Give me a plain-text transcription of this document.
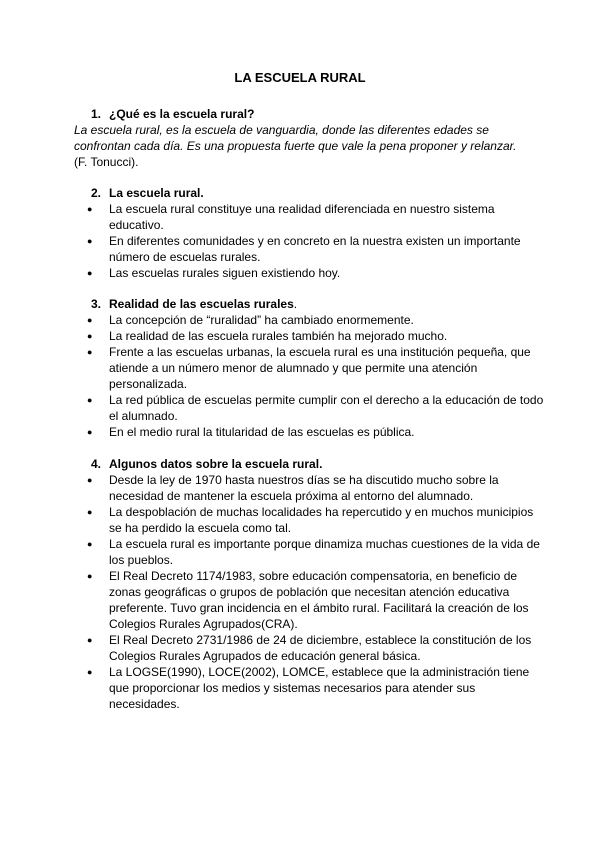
LA ESCUELA RURAL

1. ¿Qué es la escuela rural?

La escuela rural, es la escuela de vanguardia, donde las diferentes edades se confrontan cada día. Es una propuesta fuerte que vale la pena proponer y relanzar.

(F. Tonucci).

2. La escuela rural.

● La escuela rural constituye una realidad diferenciada en nuestro sistema educativo.
● En diferentes comunidades y en concreto en la nuestra existen un importante número de escuelas rurales.
● Las escuelas rurales siguen existiendo hoy.

3. Realidad de las escuelas rurales.

● La concepción de “ruralidad” ha cambiado enormemente.
● La realidad de las escuela rurales también ha mejorado mucho.
● Frente a las escuelas urbanas, la escuela rural es una institución pequeña, que atiende a un número menor de alumnado y que permite una atención personalizada.
● La red pública de escuelas permite cumplir con el derecho a la educación de todo el alumnado.
● En el medio rural la titularidad de las escuelas es pública.

4. Algunos datos sobre la escuela rural.

● Desde la ley de 1970 hasta nuestros días se ha discutido mucho sobre la necesidad de mantener la escuela próxima al entorno del alumnado.
● La despoblación de muchas localidades ha repercutido y en muchos municipios se ha perdido la escuela como tal.
● La escuela rural es importante porque dinamiza muchas cuestiones de la vida de los pueblos.
● El Real Decreto 1174/1983, sobre educación compensatoria, en beneficio de zonas geográficas o grupos de población que necesitan atención educativa preferente. Tuvo gran incidencia en el ámbito rural. Facilitará la creación de los Colegios Rurales Agrupados(CRA).
● El Real Decreto 2731/1986 de 24 de diciembre, establece la constitución de los Colegios Rurales Agrupados de educación general básica.
● La LOGSE(1990), LOCE(2002), LOMCE, establece que la administración tiene que proporcionar los medios y sistemas necesarios para atender sus necesidades.
